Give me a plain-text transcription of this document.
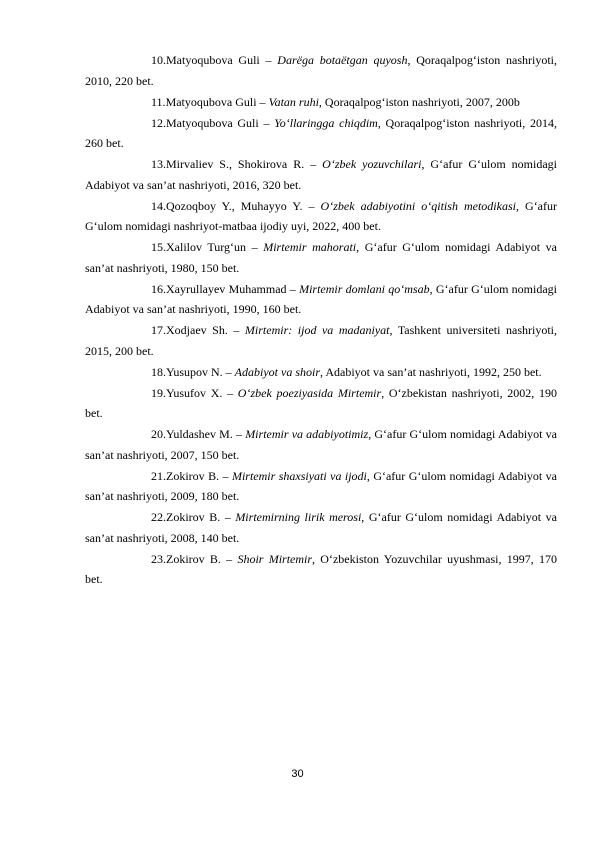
10.Matyoqubova Guli – Darëga botaëtgan quyosh, Qoraqalpog‘iston nashriyoti, 2010, 220 bet.

11.Matyoqubova Guli – Vatan ruhi, Qoraqalpog‘iston nashriyoti, 2007, 200b

12.Matyoqubova Guli – Yo‘llaringga chiqdim, Qoraqalpog‘iston nashriyoti, 2014, 260 bet.

13.Mirvaliev S., Shokirova R. – O‘zbek yozuvchilari, G‘afur G‘ulom nomidagi Adabiyot va san’at nashriyoti, 2016, 320 bet.

14.Qozoqboy Y., Muhayyo Y. – O‘zbek adabiyotini o‘qitish metodikasi, G‘afur G‘ulom nomidagi nashriyot-matbaa ijodiy uyi, 2022, 400 bet.

15.Xalilov Turg‘un – Mirtemir mahorati, G‘afur G‘ulom nomidagi Adabiyot va san’at nashriyoti, 1980, 150 bet.

16.Xayrullayev Muhammad – Mirtemir domlani qo‘msab, G‘afur G‘ulom nomidagi Adabiyot va san’at nashriyoti, 1990, 160 bet.

17.Xodjaev Sh. – Mirtemir: ijod va madaniyat, Tashkent universiteti nashriyoti, 2015, 200 bet.

18.Yusupov N. – Adabiyot va shoir, Adabiyot va san’at nashriyoti, 1992, 250 bet.

19.Yusufov X. – O‘zbek poeziyasida Mirtemir, O‘zbekistan nashriyoti, 2002, 190 bet.

20.Yuldashev M. – Mirtemir va adabiyotimiz, G‘afur G‘ulom nomidagi Adabiyot va san’at nashriyoti, 2007, 150 bet.

21.Zokirov B. – Mirtemir shaxsiyati va ijodi, G‘afur G‘ulom nomidagi Adabiyot va san’at nashriyoti, 2009, 180 bet.

22.Zokirov B. – Mirtemirning lirik merosi, G‘afur G‘ulom nomidagi Adabiyot va san’at nashriyoti, 2008, 140 bet.

23.Zokirov B. – Shoir Mirtemir, O‘zbekiston Yozuvchilar uyushmasi, 1997, 170 bet.

30
